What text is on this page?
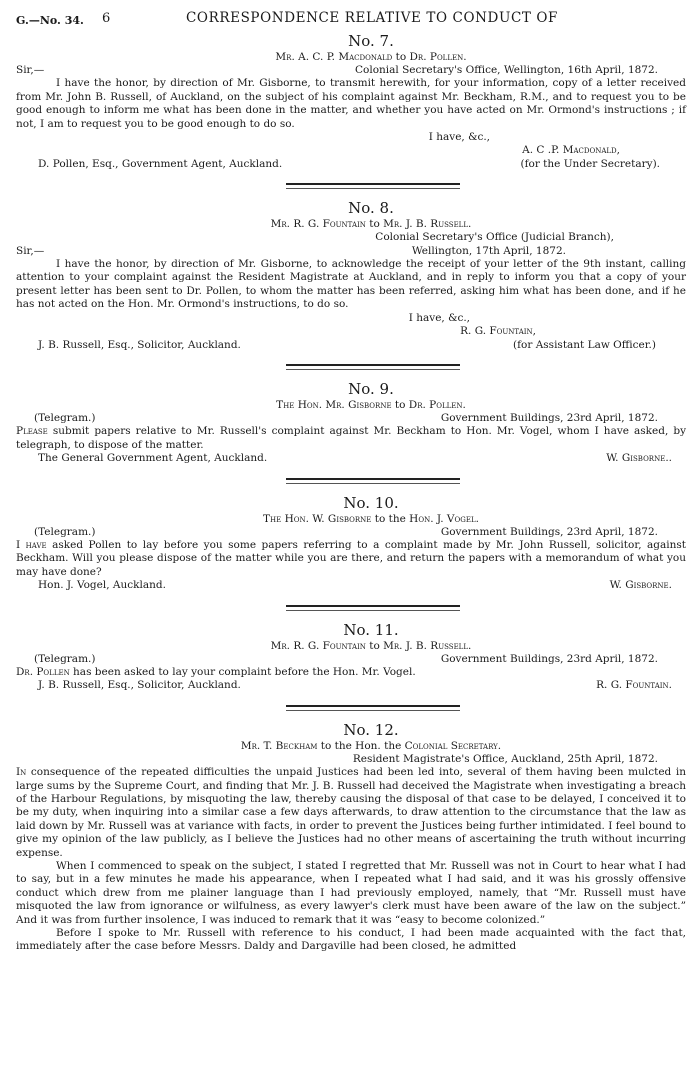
G.—No. 34. 6	CORRESPONDENCE RELATIVE TO CONDUCT OF
No. 7.
Mr. A. C. P. Macdonald to Dr. Pollen.
Sir,—	Colonial Secretary's Office, Wellington, 16th April, 1872.

I have the honor, by direction of Mr. Gisborne, to transmit herewith, for your information, copy of a letter received from Mr. John B. Russell, of Auckland, on the subject of his complaint against Mr. Beckham, R.M., and to request you to be good enough to inform me what has been done in the matter, and whether you have acted on Mr. Ormond's instructions ; if not, I am to request you to be good enough to do so.

I have, &c.,
A. C .P. Macdonald,
D. Pollen, Esq., Government Agent, Auckland.	(for the Under Secretary).
No. 8.
Mr. R. G. Fountain to Mr. J. B. Russell.
Colonial Secretary's Office (Judicial Branch),
Sir,—	Wellington, 17th April, 1872.

I have the honor, by direction of Mr. Gisborne, to acknowledge the receipt of your letter of the 9th instant, calling attention to your complaint against the Resident Magistrate at Auckland, and in reply to inform you that a copy of your present letter has been sent to Dr. Pollen, to whom the matter has been referred, asking him what has been done, and if he has not acted on the Hon. Mr. Ormond's instructions, to do so.

I have, &c.,
R. G. Fountain,
J. B. Russell, Esq., Solicitor, Auckland.	(for Assistant Law Officer.)
No. 9.
The Hon. Mr. Gisborne to Dr. Pollen.
(Telegram.)	Government Buildings, 23rd April, 1872.

Please submit papers relative to Mr. Russell's complaint against Mr. Beckham to Hon. Mr. Vogel, whom I have asked, by telegraph, to dispose of the matter.

The General Government Agent, Auckland.	W. Gisborne..
No. 10.
The Hon. W. Gisborne to the Hon. J. Vogel.
(Telegram.)	Government Buildings, 23rd April, 1872.

I have asked Pollen to lay before you some papers referring to a complaint made by Mr. John Russell, solicitor, against Beckham. Will you please dispose of the matter while you are there, and return the papers with a memorandum of what you may have done?

Hon. J. Vogel, Auckland.	W. Gisborne.
No. 11.
Mr. R. G. Fountain to Mr. J. B. Russell.
(Telegram.)	Government Buildings, 23rd April, 1872.

Dr. Pollen has been asked to lay your complaint before the Hon. Mr. Vogel.

J. B. Russell, Esq., Solicitor, Auckland.	R. G. Fountain.
No. 12.
Mr. T. Beckham to the Hon. the Colonial Secretary.
Resident Magistrate's Office, Auckland, 25th April, 1872.

In consequence of the repeated difficulties the unpaid Justices had been led into, several of them having been mulcted in large sums by the Supreme Court, and finding that Mr. J. B. Russell had deceived the Magistrate when investigating a breach of the Harbour Regulations, by misquoting the law, thereby causing the disposal of that case to be delayed, I conceived it to be my duty, when inquiring into a similar case a few days afterwards, to draw attention to the circumstance that the law as laid down by Mr. Russell was at variance with facts, in order to prevent the Justices being further intimidated. I feel bound to give my opinion of the law publicly, as I believe the Justices had no other means of ascertaining the truth without incurring expense.

When I commenced to speak on the subject, I stated I regretted that Mr. Russell was not in Court to hear what I had to say, but in a few minutes he made his appearance, when I repeated what I had said, and it was his grossly offensive conduct which drew from me plainer language than I had previously employed, namely, that “Mr. Russell must have misquoted the law from ignorance or wilfulness, as every lawyer's clerk must have been aware of the law on the subject.” And it was from further insolence, I was induced to remark that it was “easy to become colonized.”

Before I spoke to Mr. Russell with reference to his conduct, I had been made acquainted with the fact that, immediately after the case before Messrs. Daldy and Dargaville had been closed, he admitted
